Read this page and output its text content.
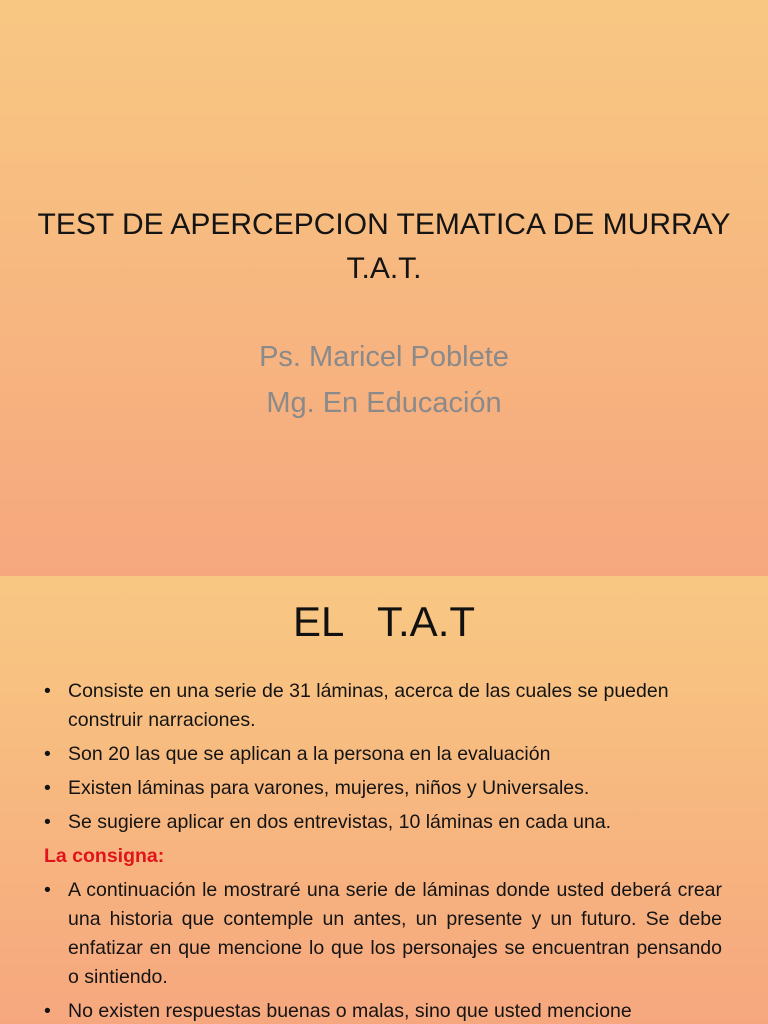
TEST DE APERCEPCION TEMATICA DE MURRAY
T.A.T.
Ps. Maricel Poblete
Mg. En Educación
EL   T.A.T
• Consiste en una serie de 31 láminas, acerca de las cuales se pueden construir narraciones.
• Son 20 las que se aplican a la persona en la evaluación
• Existen láminas para varones, mujeres, niños y Universales.
• Se sugiere aplicar en dos entrevistas, 10 láminas en cada una.
La consigna:
• A continuación le mostraré una serie de láminas donde usted deberá crear una historia que contemple un antes, un presente y un futuro. Se debe enfatizar en que mencione lo que los personajes se encuentran pensando o sintiendo.
• No existen respuestas buenas o malas, sino que usted mencione
